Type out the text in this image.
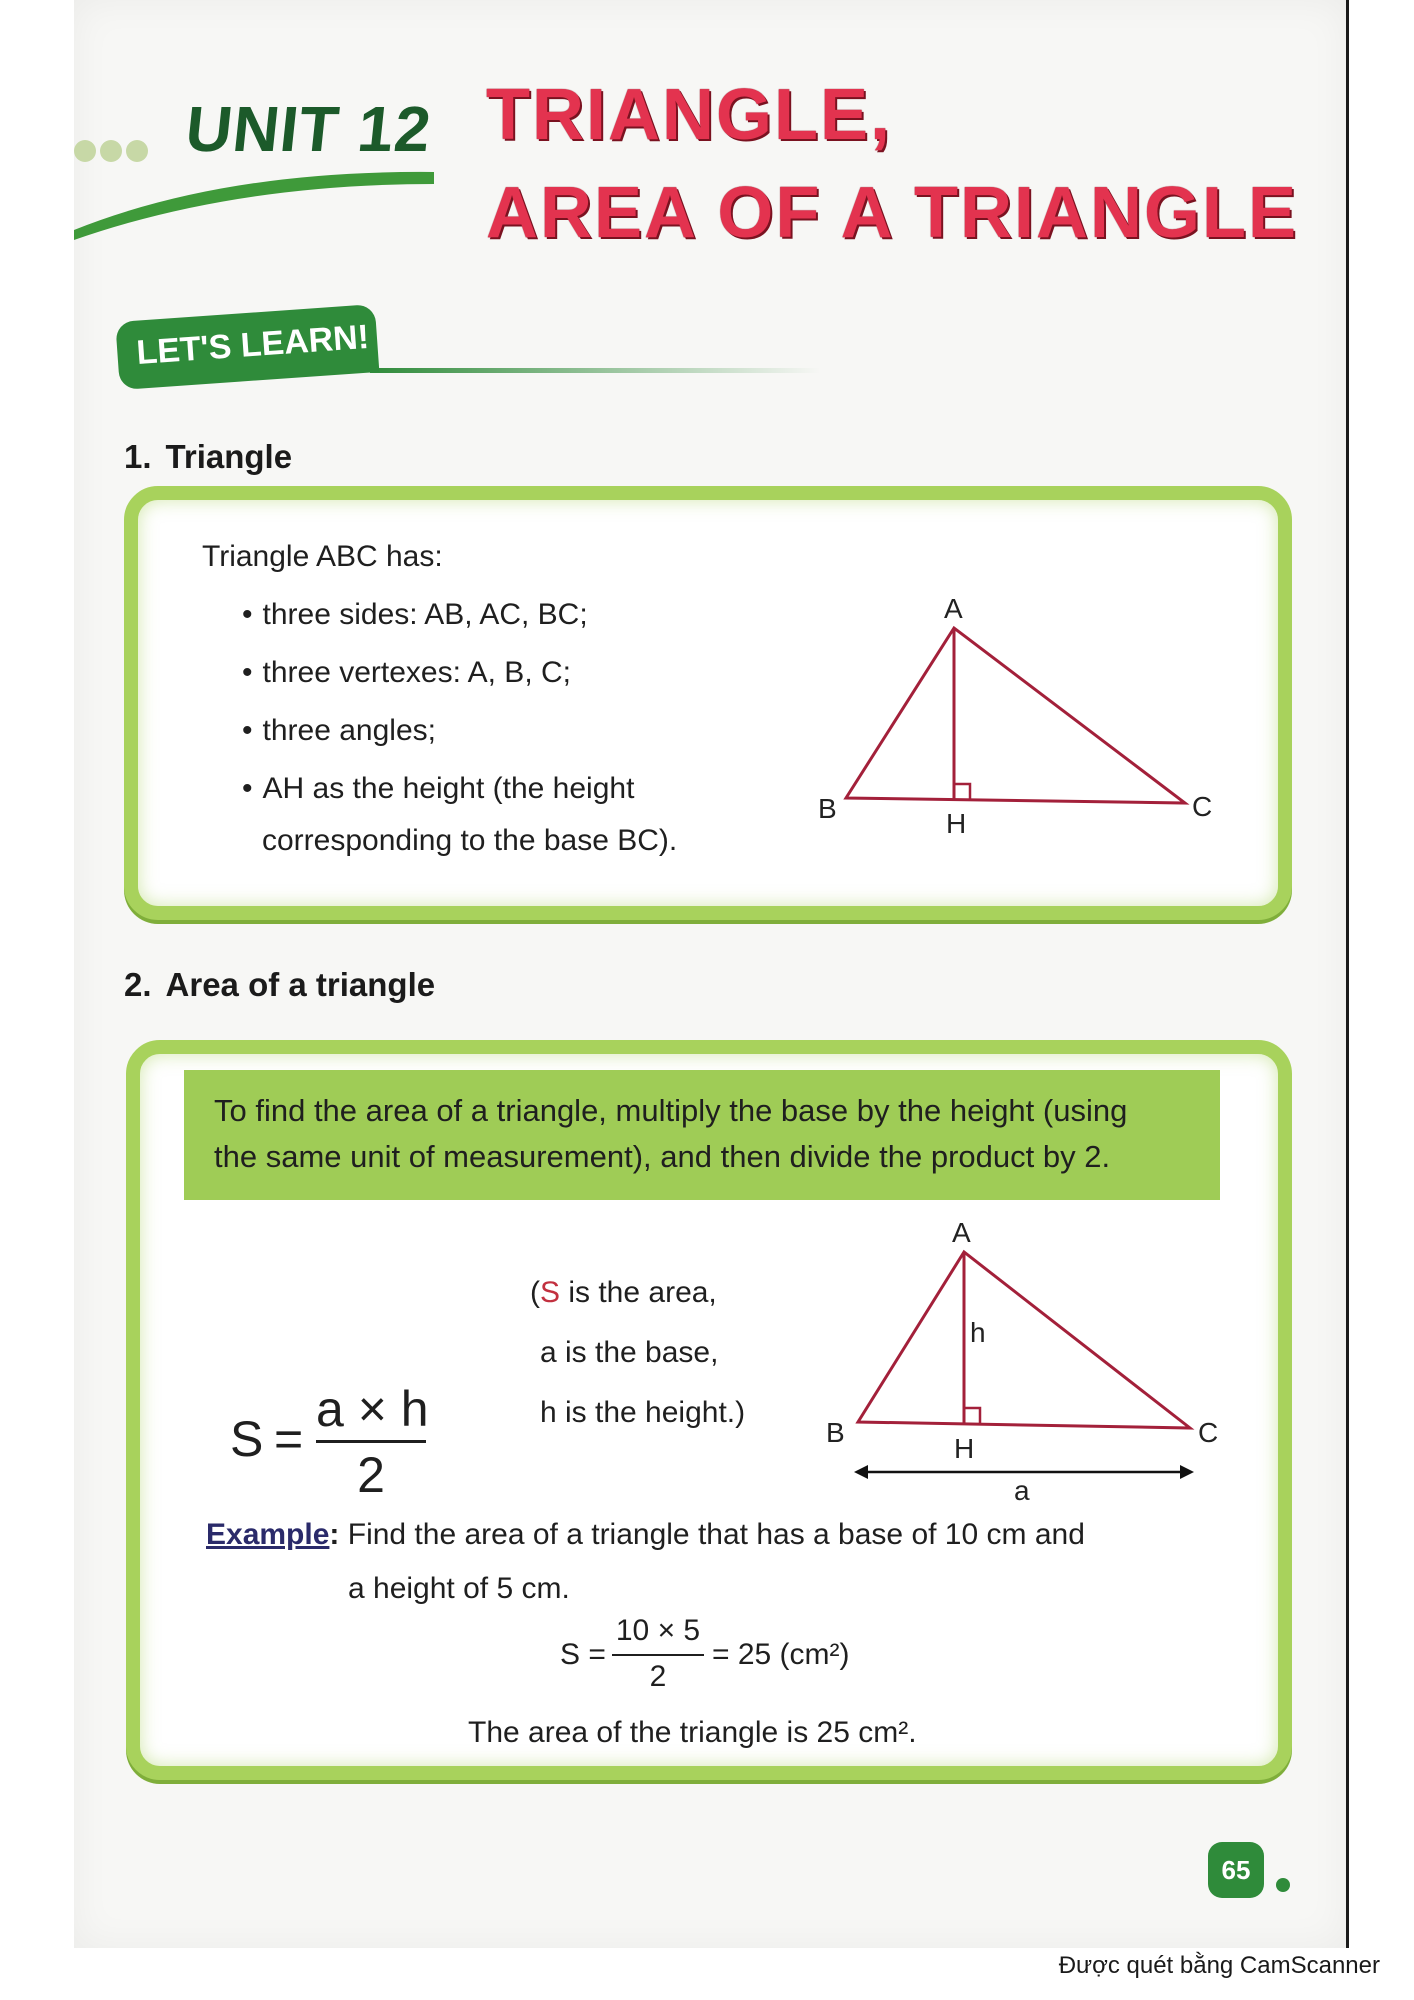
UNIT 12 TRIANGLE,
AREA OF A TRIANGLE
LET'S LEARN!
1. Triangle
Triangle ABC has:
• three sides: AB, AC, BC;
• three vertexes: A, B, C;
• three angles;
• AH as the height (the height
corresponding to the base BC).
A
B	C
H
2. Area of a triangle
To find the area of a triangle, multiply the base by the height (using
the same unit of measurement), and then divide the product by 2.
S =
a × h
2
(S is the area,
a is the base,
h is the height.)
A
B	C
H
h
a
Example: Find the area of a triangle that has a base of 10 cm and
a height of 5 cm.
S =
10 × 5
2
= 25 (cm²)
The area of the triangle is 25 cm².
65
Được quét bằng CamScanner
